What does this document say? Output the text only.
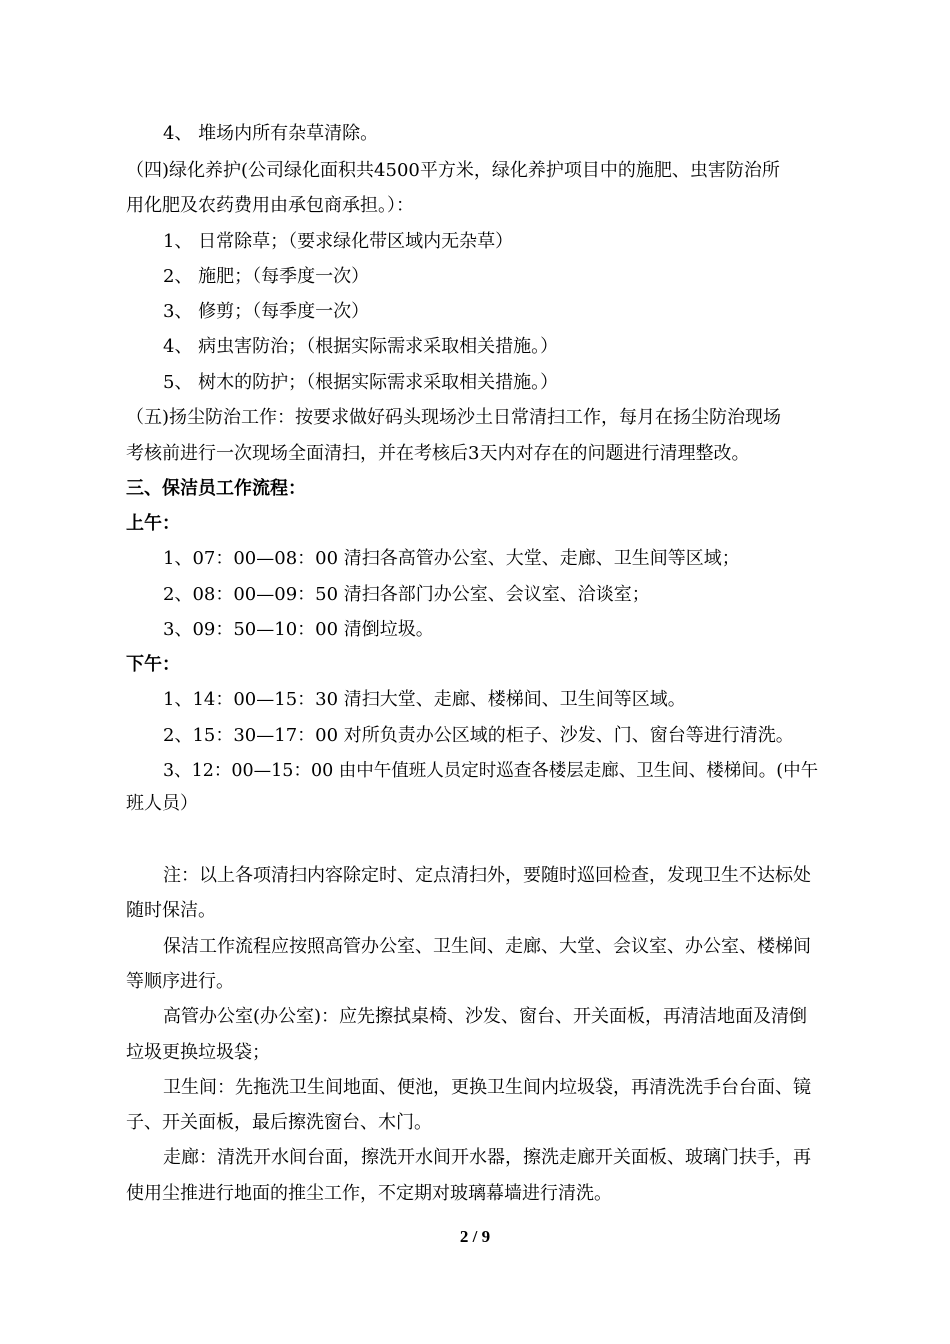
4、 堆场内所有杂草清除。
（四)绿化养护(公司绿化面积共4500平方米，绿化养护项目中的施肥、虫害防治所
用化肥及农药费用由承包商承担。）：
1、 日常除草；（要求绿化带区域内无杂草）
2、 施肥；（每季度一次）
3、 修剪；（每季度一次）
4、 病虫害防治；（根据实际需求采取相关措施。）
5、 树木的防护；（根据实际需求采取相关措施。）
（五)扬尘防治工作：按要求做好码头现场沙土日常清扫工作，每月在扬尘防治现场
考核前进行一次现场全面清扫，并在考核后3天内对存在的问题进行清理整改。
三、保洁员工作流程：
上午：
1、07：00—08：00 清扫各高管办公室、大堂、走廊、卫生间等区域；
2、08：00—09：50 清扫各部门办公室、会议室、洽谈室；
3、09：50—10：00 清倒垃圾。
下午：
1、14：00—15：30 清扫大堂、走廊、楼梯间、卫生间等区域。
2、15：30—17：00 对所负责办公区域的柜子、沙发、门、窗台等进行清洗。
3、12：00—15：00 由中午值班人员定时巡查各楼层走廊、卫生间、楼梯间。(中午
班人员）
注：以上各项清扫内容除定时、定点清扫外，要随时巡回检查，发现卫生不达标处
随时保洁。
保洁工作流程应按照高管办公室、卫生间、走廊、大堂、会议室、办公室、楼梯间
等顺序进行。
高管办公室(办公室)：应先擦拭桌椅、沙发、窗台、开关面板，再清洁地面及清倒
垃圾更换垃圾袋；
卫生间：先拖洗卫生间地面、便池，更换卫生间内垃圾袋，再清洗洗手台台面、镜
子、开关面板，最后擦洗窗台、木门。
走廊：清洗开水间台面，擦洗开水间开水器，擦洗走廊开关面板、玻璃门扶手，再
使用尘推进行地面的推尘工作，不定期对玻璃幕墙进行清洗。
2 / 9
